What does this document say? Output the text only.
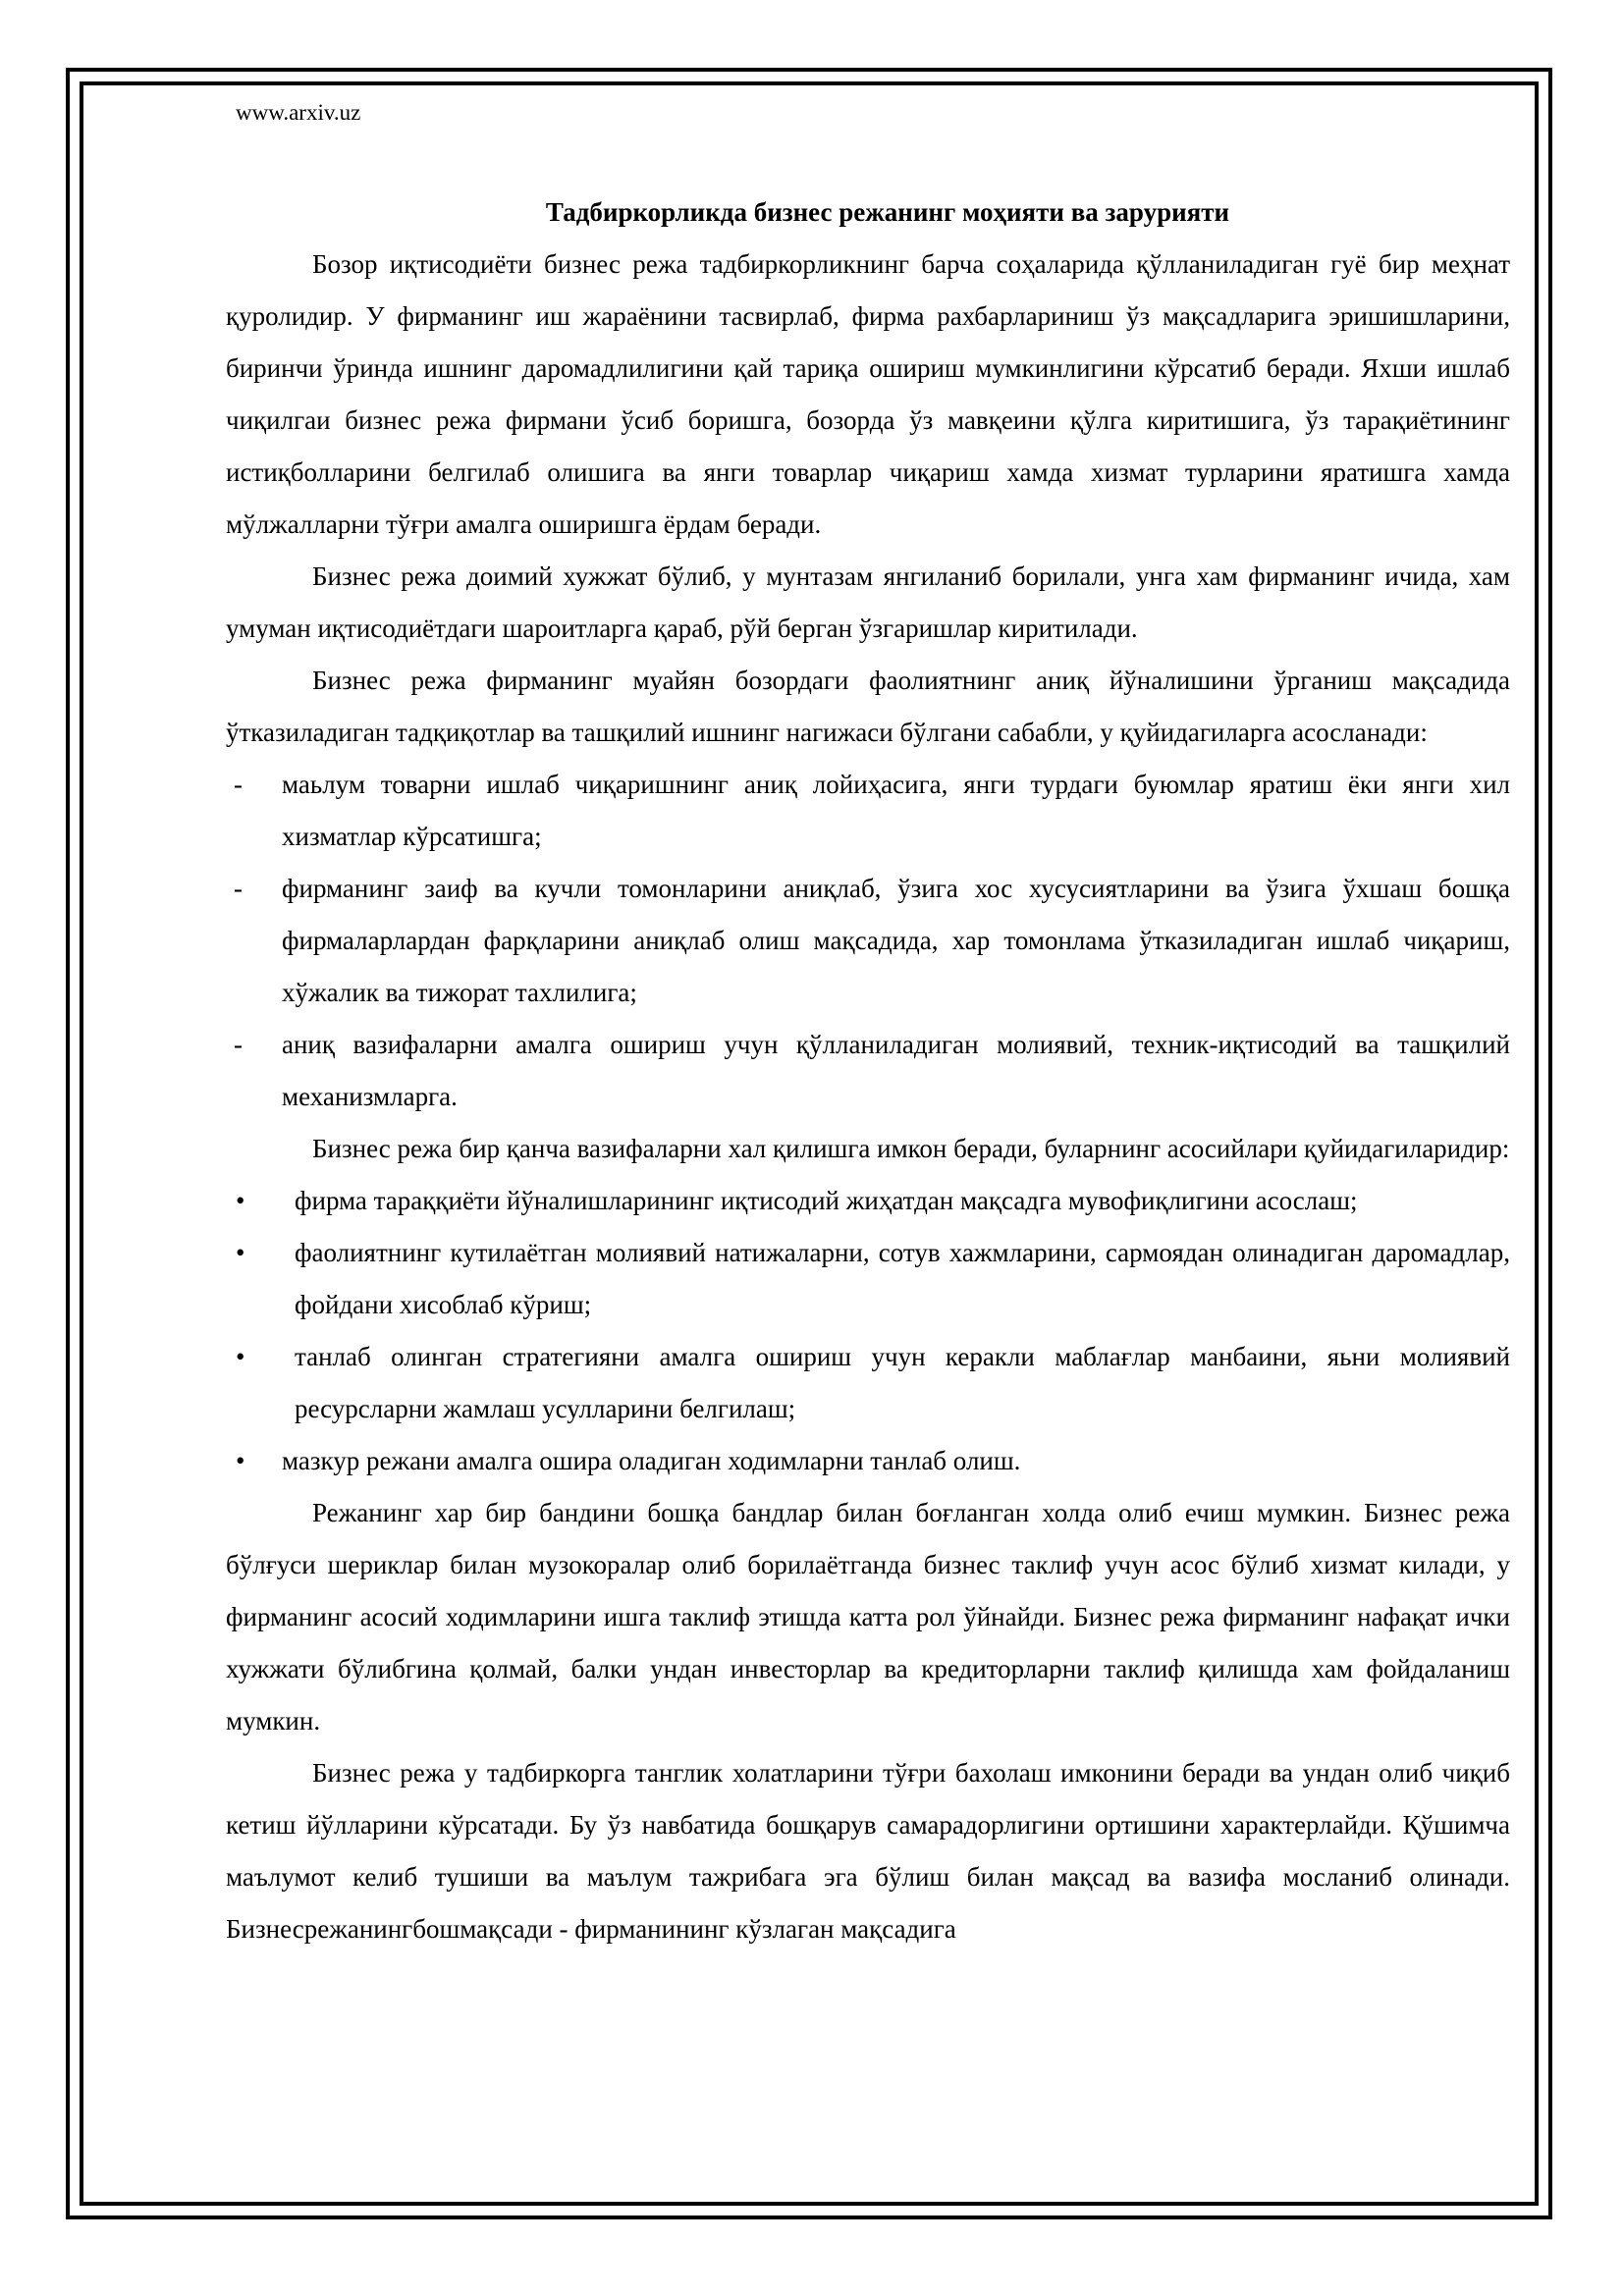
www.arxiv.uz

Тадбиркорликда бизнес режанинг моҳияти ва зарурияти

Бозор иқтисодиёти бизнес режа тадбиркорликнинг барча соҳаларида қўлланиладиган гуё бир меҳнат қуролидир. У фирманинг иш жараёнини тасвирлаб, фирма рахбарлариниш ўз мақсадларига эришишларини, биринчи ўринда ишнинг даромадлилигини қай тариқа ошириш мумкинлигини кўрсатиб беради. Яхши ишлаб чиқилгаи бизнес режа фирмани ўсиб боришга, бозорда ўз мавқеини қўлга киритишига, ўз тарақиётининг истиқболларини белгилаб олишига ва янги товарлар чиқариш хамда хизмат турларини яратишга хамда мўлжалларни тўғри амалга оширишга ёрдам беради.

Бизнес режа доимий хужжат бўлиб, у мунтазам янгиланиб борилали, унга хам фирманинг ичида, хам умуман иқтисодиётдаги шароитларга қараб, рўй берган ўзгаришлар киритилади.

Бизнес режа фирманинг муайян бозордаги фаолиятнинг аниқ йўналишини ўрганиш мақсадида ўтказиладиган тадқиқотлар ва ташқилий ишнинг нагижаси бўлгани сабабли, у қуйидагиларга асосланади:

- маьлум товарни ишлаб чиқаришнинг аниқ лойиҳасига, янги турдаги буюмлар яратиш ёки янги хил хизматлар кўрсатишга;
- фирманинг заиф ва кучли томонларини аниқлаб, ўзига хос хусусиятларини ва ўзига ўхшаш бошқа фирмаларлардан фарқларини аниқлаб олиш мақсадида, хар томонлама ўтказиладиган ишлаб чиқариш, хўжалик ва тижорат тахлилига;
- аниқ вазифаларни амалга ошириш учун қўлланиладиган молиявий, техник-иқтисодий ва ташқилий механизмларга.

Бизнес режа бир қанча вазифаларни хал қилишга имкон беради, буларнинг асосийлари қуйидагиларидир:

• фирма тараққиёти йўналишларининг иқтисодий жиҳатдан мақсадга мувофиқлигини асослаш;
• фаолиятнинг кутилаётган молиявий натижаларни, сотув хажмларини, сармоядан олинадиган даромадлар, фойдани хисоблаб кўриш;
• танлаб олинган стратегияни амалга ошириш учун керакли маблағлар манбаини, яьни молиявий ресурсларни жамлаш усулларини белгилаш;
• мазкур режани амалга ошира оладиган ходимларни танлаб олиш.

Режанинг хар бир бандини бошқа бандлар билан боғланган холда олиб ечиш мумкин. Бизнес режа бўлғуси шериклар билан музокоралар олиб борилаётганда бизнес таклиф учун асос бўлиб хизмат килади, у фирманинг асосий ходимларини ишга таклиф этишда катта рол ўйнайди. Бизнес режа фирманинг нафақат ички хужжати бўлибгина қолмай, балки ундан инвесторлар ва кредиторларни таклиф қилишда хам фойдаланиш мумкин.

Бизнес режа у тадбиркорга танглик холатларини тўғри бахолаш имконини беради ва ундан олиб чиқиб кетиш йўлларини кўрсатади. Бу ўз навбатида бошқарув самарадорлигини ортишини характерлайди. Қўшимча маълумот келиб тушиши ва маълум тажрибага эга бўлиш билан мақсад ва вазифа мосланиб олинади. Бизнесрежанингбошмақсади - фирманининг кўзлаган мақсадига
